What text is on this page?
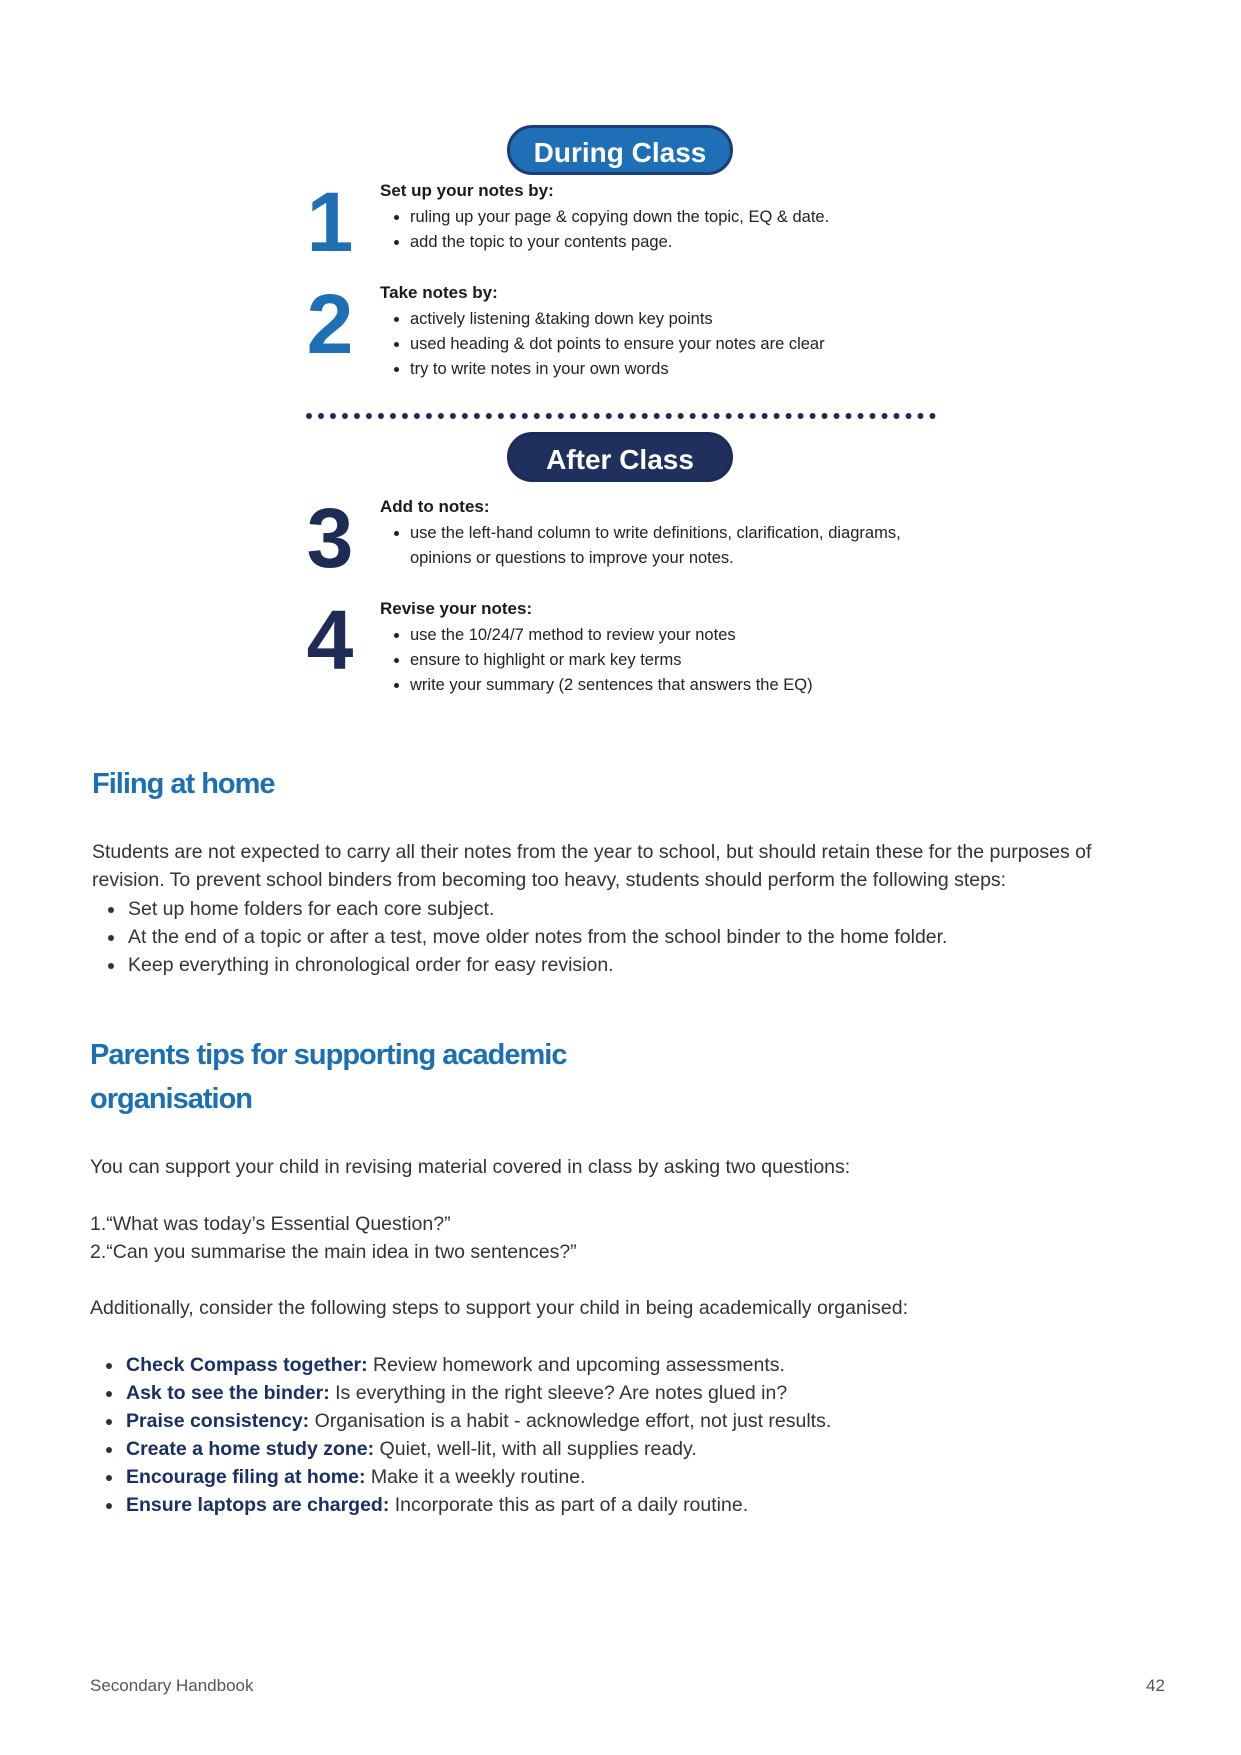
During Class
1	Set up your notes by:
• ruling up your page & copying down the topic, EQ & date.
• add the topic to your contents page.
2	Take notes by:
• actively listening &taking down key points
• used heading & dot points to ensure your notes are clear
• try to write notes in your own words
After Class
3	Add to notes:
• use the left-hand column to write definitions, clarification, diagrams, opinions or questions to improve your notes.
4	Revise your notes:
• use the 10/24/7 method to review your notes
• ensure to highlight or mark key terms
• write your summary (2 sentences that answers the EQ)
Filing at home

Students are not expected to carry all their notes from the year to school, but should retain these for the purposes of revision. To prevent school binders from becoming too heavy, students should perform the following steps:

• Set up home folders for each core subject.
• At the end of a topic or after a test, move older notes from the school binder to the home folder.
• Keep everything in chronological order for easy revision.
Parents tips for supporting academic
organisation

You can support your child in revising material covered in class by asking two questions:

1.“What was today’s Essential Question?”

2.“Can you summarise the main idea in two sentences?”

Additionally, consider the following steps to support your child in being academically organised:

• Check Compass together: Review homework and upcoming assessments.
• Ask to see the binder: Is everything in the right sleeve? Are notes glued in?
• Praise consistency: Organisation is a habit - acknowledge effort, not just results.
• Create a home study zone: Quiet, well-lit, with all supplies ready.
• Encourage filing at home: Make it a weekly routine.
• Ensure laptops are charged: Incorporate this as part of a daily routine.
Secondary Handbook	42
